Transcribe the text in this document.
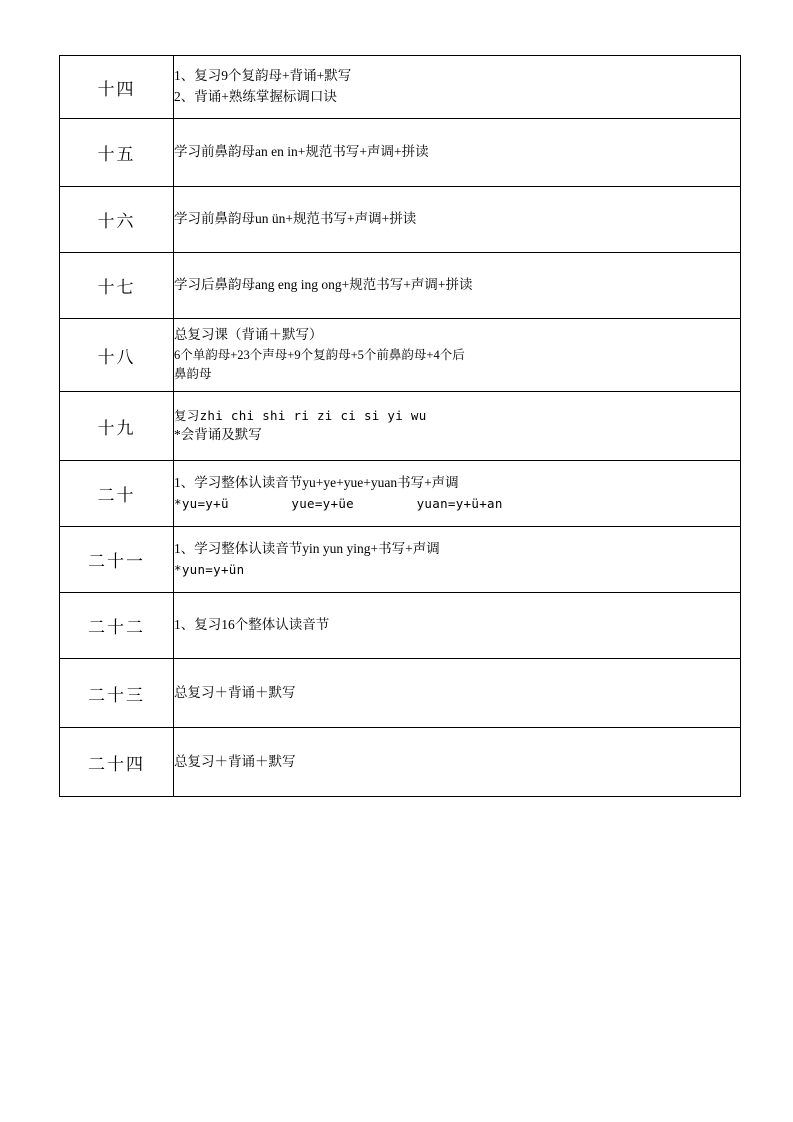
十四	1、复习9个复韵母+背诵+默写
2、背诵+熟练掌握标调口诀

十五	学习前鼻韵母an en in+规范书写+声调+拼读

十六	学习前鼻韵母un ün+规范书写+声调+拼读

十七	学习后鼻韵母ang eng ing ong+规范书写+声调+拼读

十八	总复习课（背诵＋默写）
6个单韵母+23个声母+9个复韵母+5个前鼻韵母+4个后
鼻韵母

十九	复习zhi chi shi ri zi ci si yi wu
*会背诵及默写

二十	1、学习整体认读音节yu+ye+yue+yuan书写+声调
*yu=y+ü        yue=y+üe        yuan=y+ü+an

二十一	1、学习整体认读音节yin yun ying+书写+声调
*yun=y+ün

二十二	1、复习16个整体认读音节

二十三	总复习＋背诵＋默写

二十四	总复习＋背诵＋默写
